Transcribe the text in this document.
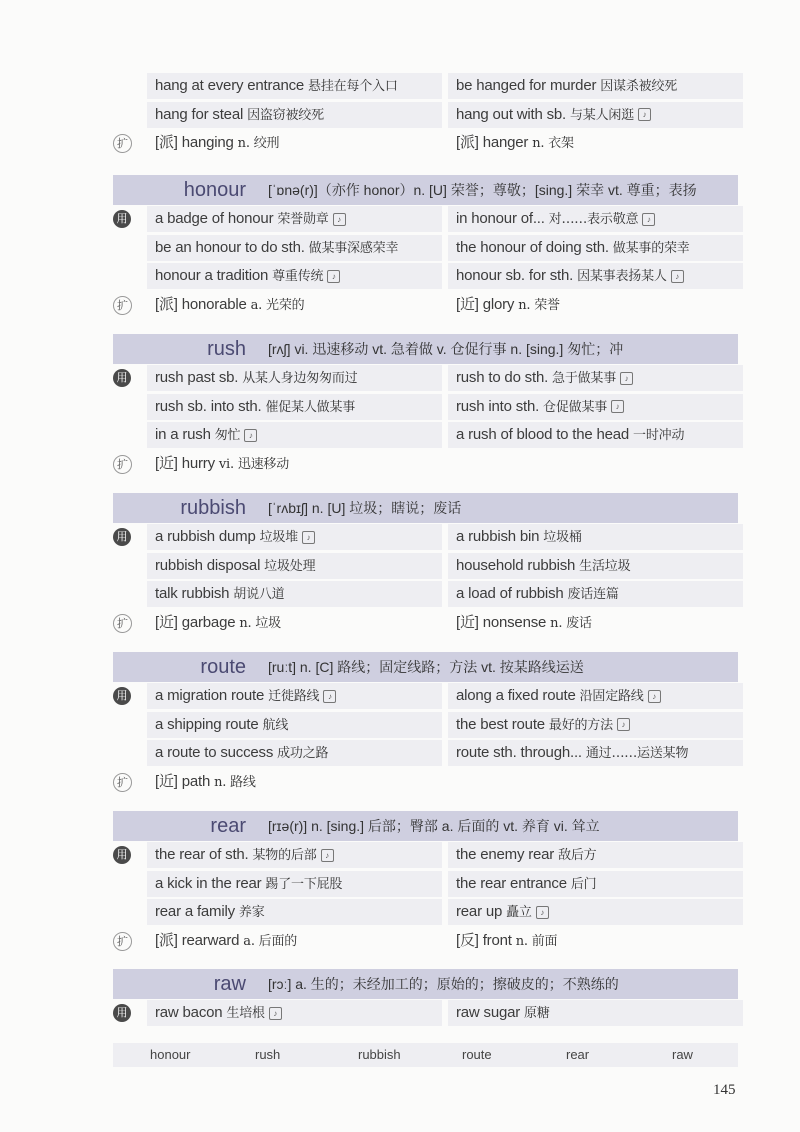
hang at every entrance 悬挂在每个入口	be hanged for murder 因谋杀被绞死
hang for steal 因盗窃被绞死	hang out with sb. 与某人闲逛 ♪
扩 [派] hanging n. 绞刑	[派] hanger n. 衣架
honour [ˈɒnə(r)]（亦作 honor）n. [U] 荣誉；尊敬；[sing.] 荣幸 vt. 尊重；表扬
用 a badge of honour 荣誉勋章 ♪	in honour of... 对……表示敬意 ♪
be an honour to do sth. 做某事深感荣幸	the honour of doing sth. 做某事的荣幸
honour a tradition 尊重传统 ♪	honour sb. for sth. 因某事表扬某人 ♪
扩 [派] honorable a. 光荣的	[近] glory n. 荣誉
rush [rʌʃ] vi. 迅速移动 vt. 急着做 v. 仓促行事 n. [sing.] 匆忙；冲
用 rush past sb. 从某人身边匆匆而过	rush to do sth. 急于做某事 ♪
rush sb. into sth. 催促某人做某事	rush into sth. 仓促做某事 ♪
in a rush 匆忙 ♪	a rush of blood to the head 一时冲动
扩 [近] hurry vi. 迅速移动
rubbish [ˈrʌbɪʃ] n. [U] 垃圾；瞎说；废话
用 a rubbish dump 垃圾堆 ♪	a rubbish bin 垃圾桶
rubbish disposal 垃圾处理	household rubbish 生活垃圾
talk rubbish 胡说八道	a load of rubbish 废话连篇
扩 [近] garbage n. 垃圾	[近] nonsense n. 废话
route [ruːt] n. [C] 路线；固定线路；方法 vt. 按某路线运送
用 a migration route 迁徙路线 ♪	along a fixed route 沿固定路线 ♪
a shipping route 航线	the best route 最好的方法 ♪
a route to success 成功之路	route sth. through... 通过……运送某物
扩 [近] path n. 路线
rear [rɪə(r)] n. [sing.] 后部；臀部 a. 后面的 vt. 养育 vi. 耸立
用 the rear of sth. 某物的后部 ♪	the enemy rear 敌后方
a kick in the rear 踢了一下屁股	the rear entrance 后门
rear a family 养家	rear up 矗立 ♪
扩 [派] rearward a. 后面的	[反] front n. 前面
raw [rɔː] a. 生的；未经加工的；原始的；擦破皮的；不熟练的
用 raw bacon 生培根 ♪	raw sugar 原糖
honour	rush	rubbish	route	rear	raw
145
